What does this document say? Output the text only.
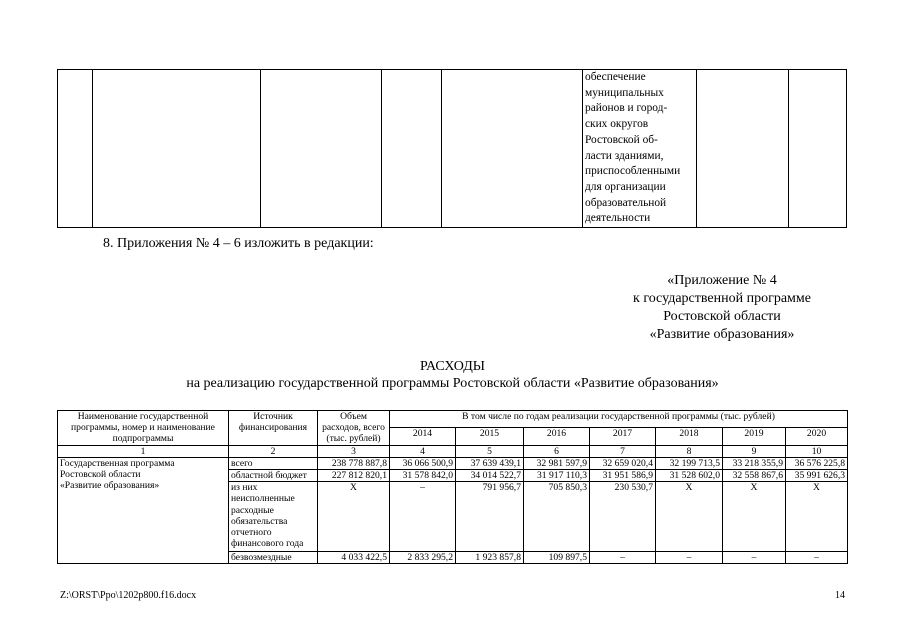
обеспечение
муниципальных
районов и город-
ских округов
Ростовской об-
ласти зданиями,
приспособленными
для организации
образовательной
деятельности

8. Приложения № 4 – 6 изложить в редакции:
«Приложение № 4
к государственной программе
Ростовской области
«Развитие образования»
РАСХОДЫ
на реализацию государственной программы Ростовской области «Развитие образования»
Наименование государственной программы, номер и наименование подпрограммы	Источник финансирования	Объем расходов, всего (тыс. рублей)	В том числе по годам реализации государственной программы (тыс. рублей)						
			2014	2015	2016	2017	2018	2019	2020
1	2	3	4	5	6	7	8	9	10

Государственная программа
Ростовской области
«Развитие образования»	всего	238 778 887,8	36 066 500,9	37 639 439,1	32 981 597,9	32 659 020,4	32 199 713,5	33 218 355,9	36 576 225,8
	областной бюджет	227 812 820,1	31 578 842,0	34 014 522,7	31 917 110,3	31 951 586,9	31 528 602,0	32 558 867,6	35 991 626,3
	из них неисполненные расходные обязательства отчетного финансового года	Х	–	791 956,7	705 850,3	230 530,7	Х	Х	Х
	безвозмездные	4 033 422,5	2 833 295,2	1 923 857,8	109 897,5	–	–	–	–
Z:\ORST\Ppo\1202p800.f16.docx	14
